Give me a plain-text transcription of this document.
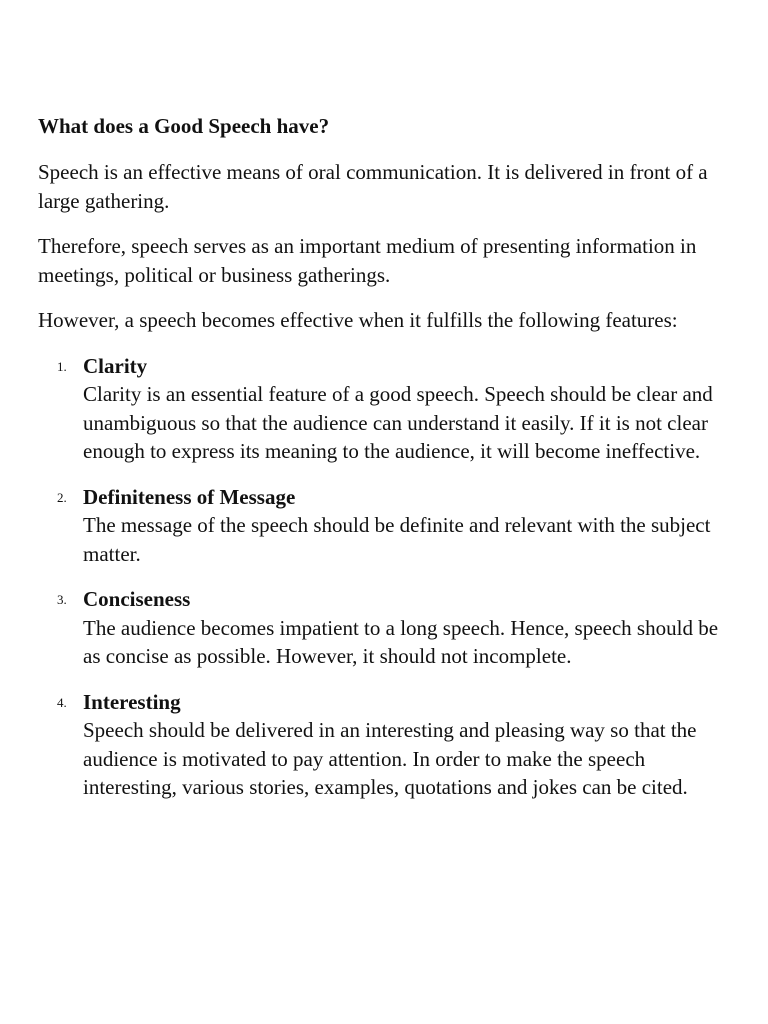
What does a Good Speech have?

Speech is an effective means of oral communication. It is delivered in front of a large gathering.

Therefore, speech serves as an important medium of presenting information in meetings, political or business gatherings.

However, a speech becomes effective when it fulfills the following features:

1. Clarity
Clarity is an essential feature of a good speech. Speech should be clear and unambiguous so that the audience can understand it easily. If it is not clear enough to express its meaning to the audience, it will become ineffective.
2. Definiteness of Message
The message of the speech should be definite and relevant with the subject matter.
3. Conciseness
The audience becomes impatient to a long speech. Hence, speech should be as concise as possible. However, it should not incomplete.
4. Interesting
Speech should be delivered in an interesting and pleasing way so that the audience is motivated to pay attention. In order to make the speech interesting, various stories, examples, quotations and jokes can be cited.
